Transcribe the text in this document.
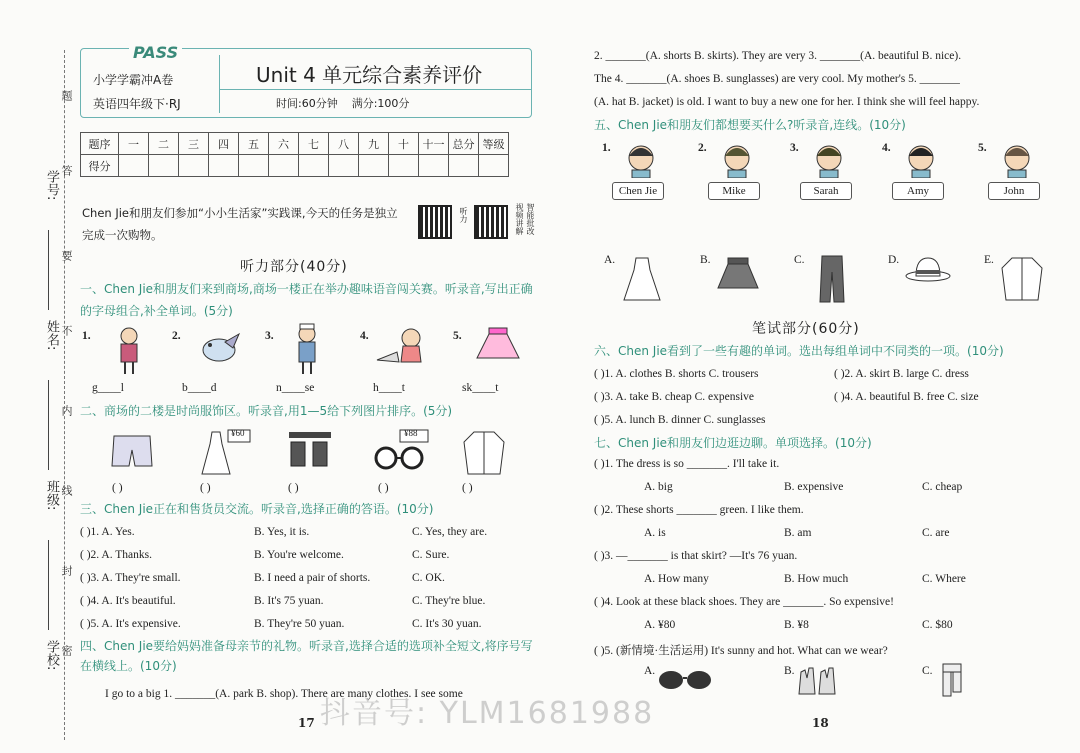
学号:
姓名:
班级:
学校:
题
答
要
不
内
线
封
密
PASS
小学学霸冲A卷
英语四年级下·RJ
Unit 4 单元综合素养评价
时间:60分钟 满分:100分
题序	一	二	三	四	五	六	七	八	九	十	十一	总分	等级
得分													
Chen Jie和朋友们参加“小小生活家”实践课,今天的任务是独立完成一次购物。
听力	智能批改 视频讲解
听力部分(40分)
一、Chen Jie和朋友们来到商场,商场一楼正在举办趣味语音闯关赛。听录音,写出正确的字母组合,补全单词。(5分)
1.	2.	3.	4.	5.
g____l	b____d	n____se	h____t	sk____t
二、商场的二楼是时尚服饰区。听录音,用1—5给下列图片排序。(5分)
¥60	¥88
( )	( )	( )	( )	( )
三、Chen Jie正在和售货员交流。听录音,选择正确的答语。(10分)
( )1. A. Yes.	B. Yes, it is.	C. Yes, they are.
( )2. A. Thanks.	B. You're welcome.	C. Sure.
( )3. A. They're small.	B. I need a pair of shorts.	C. OK.
( )4. A. It's beautiful.	B. It's 75 yuan.	C. They're blue.
( )5. A. It's expensive.	B. They're 50 yuan.	C. It's 30 yuan.
四、Chen Jie要给妈妈准备母亲节的礼物。听录音,选择合适的选项补全短文,将序号写在横线上。(10分)
I go to a big 1. _______(A. park B. shop). There are many clothes. I see some
17
2. _______(A. shorts B. skirts). They are very 3. _______(A. beautiful B. nice).
The 4. _______(A. shoes B. sunglasses) are very cool. My mother's 5. _______
(A. hat B. jacket) is old. I want to buy a new one for her. I think she will feel happy.
五、Chen Jie和朋友们都想要买什么?听录音,连线。(10分)
1.
Chen Jie
2.
Mike
3.
Sarah
4.
Amy
5.
John
A.	B.	C.	D.	E.
笔试部分(60分)
六、Chen Jie看到了一些有趣的单词。选出每组单词中不同类的一项。(10分)
( )1. A. clothes B. shorts C. trousers	( )2. A. skirt B. large C. dress
( )3. A. take B. cheap C. expensive	( )4. A. beautiful B. free C. size
( )5. A. lunch B. dinner C. sunglasses
七、Chen Jie和朋友们边逛边聊。单项选择。(10分)
( )1. The dress is so _______. I'll take it.
A. big	B. expensive	C. cheap
( )2. These shorts _______ green. I like them.
A. is	B. am	C. are
( )3. —_______ is that skirt? —It's 76 yuan.
A. How many	B. How much	C. Where
( )4. Look at these black shoes. They are _______. So expensive!
A. ¥80	B. ¥8	C. $80
( )5. (新情境·生活运用) It's sunny and hot. What can we wear?
A.	B.	C.
18
抖音号: YLM1681988
